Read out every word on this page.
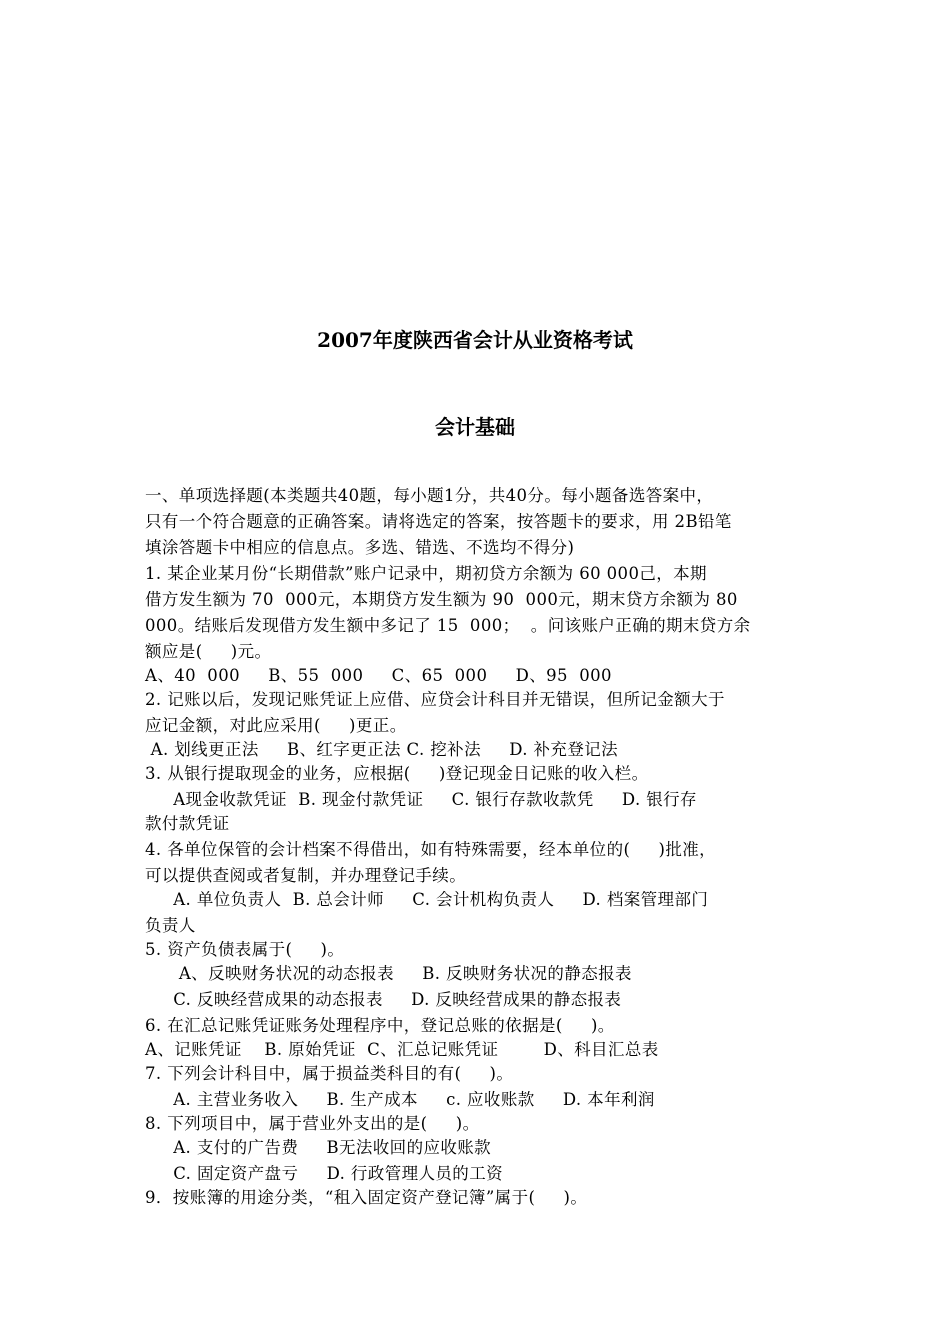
2007年度陕西省会计从业资格考试
会计基础
一、单项选择题(本类题共40题，每小题1分，共40分。每小题备选答案中，
只有一个符合题意的正确答案。请将选定的答案，按答题卡的要求，用 2B铅笔
填涂答题卡中相应的信息点。多选、错选、不选均不得分)
1. 某企业某月份“长期借款”账户记录中，期初贷方余额为 60 000己，本期
借方发生额为 70  000元，本期贷方发生额为 90  000元，期末贷方余额为 80
000。结账后发现借方发生额中多记了 15  000；  。问该账户正确的期末贷方余
额应是(     )元。
A、40  000     B、55  000     C、65  000     D、95  000
2. 记账以后，发现记账凭证上应借、应贷会计科目并无错误，但所记金额大于
应记金额，对此应采用(     )更正。
A. 划线更正法     B、红字更正法 C. 挖补法     D. 补充登记法
3. 从银行提取现金的业务，应根据(     )登记现金日记账的收入栏。
A现金收款凭证  B. 现金付款凭证     C. 银行存款收款凭     D. 银行存
款付款凭证
4. 各单位保管的会计档案不得借出，如有特殊需要，经本单位的(     )批准，
可以提供查阅或者复制，并办理登记手续。
A. 单位负责人  B. 总会计师     C. 会计机构负责人     D. 档案管理部门
负责人
5. 资产负债表属于(     )。
A、反映财务状况的动态报表     B. 反映财务状况的静态报表
C. 反映经营成果的动态报表     D. 反映经营成果的静态报表
6. 在汇总记账凭证账务处理程序中，登记总账的依据是(     )。
A、记账凭证    B. 原始凭证  C、汇总记账凭证        D、科目汇总表
7. 下列会计科目中，属于损益类科目的有(     )。
A. 主营业务收入     B. 生产成本     c. 应收账款     D. 本年利润
8. 下列项目中，属于营业外支出的是(     )。
A. 支付的广告费     B无法收回的应收账款
C. 固定资产盘亏     D. 行政管理人员的工资
9．按账簿的用途分类，“租入固定资产登记簿”属于(     )。
